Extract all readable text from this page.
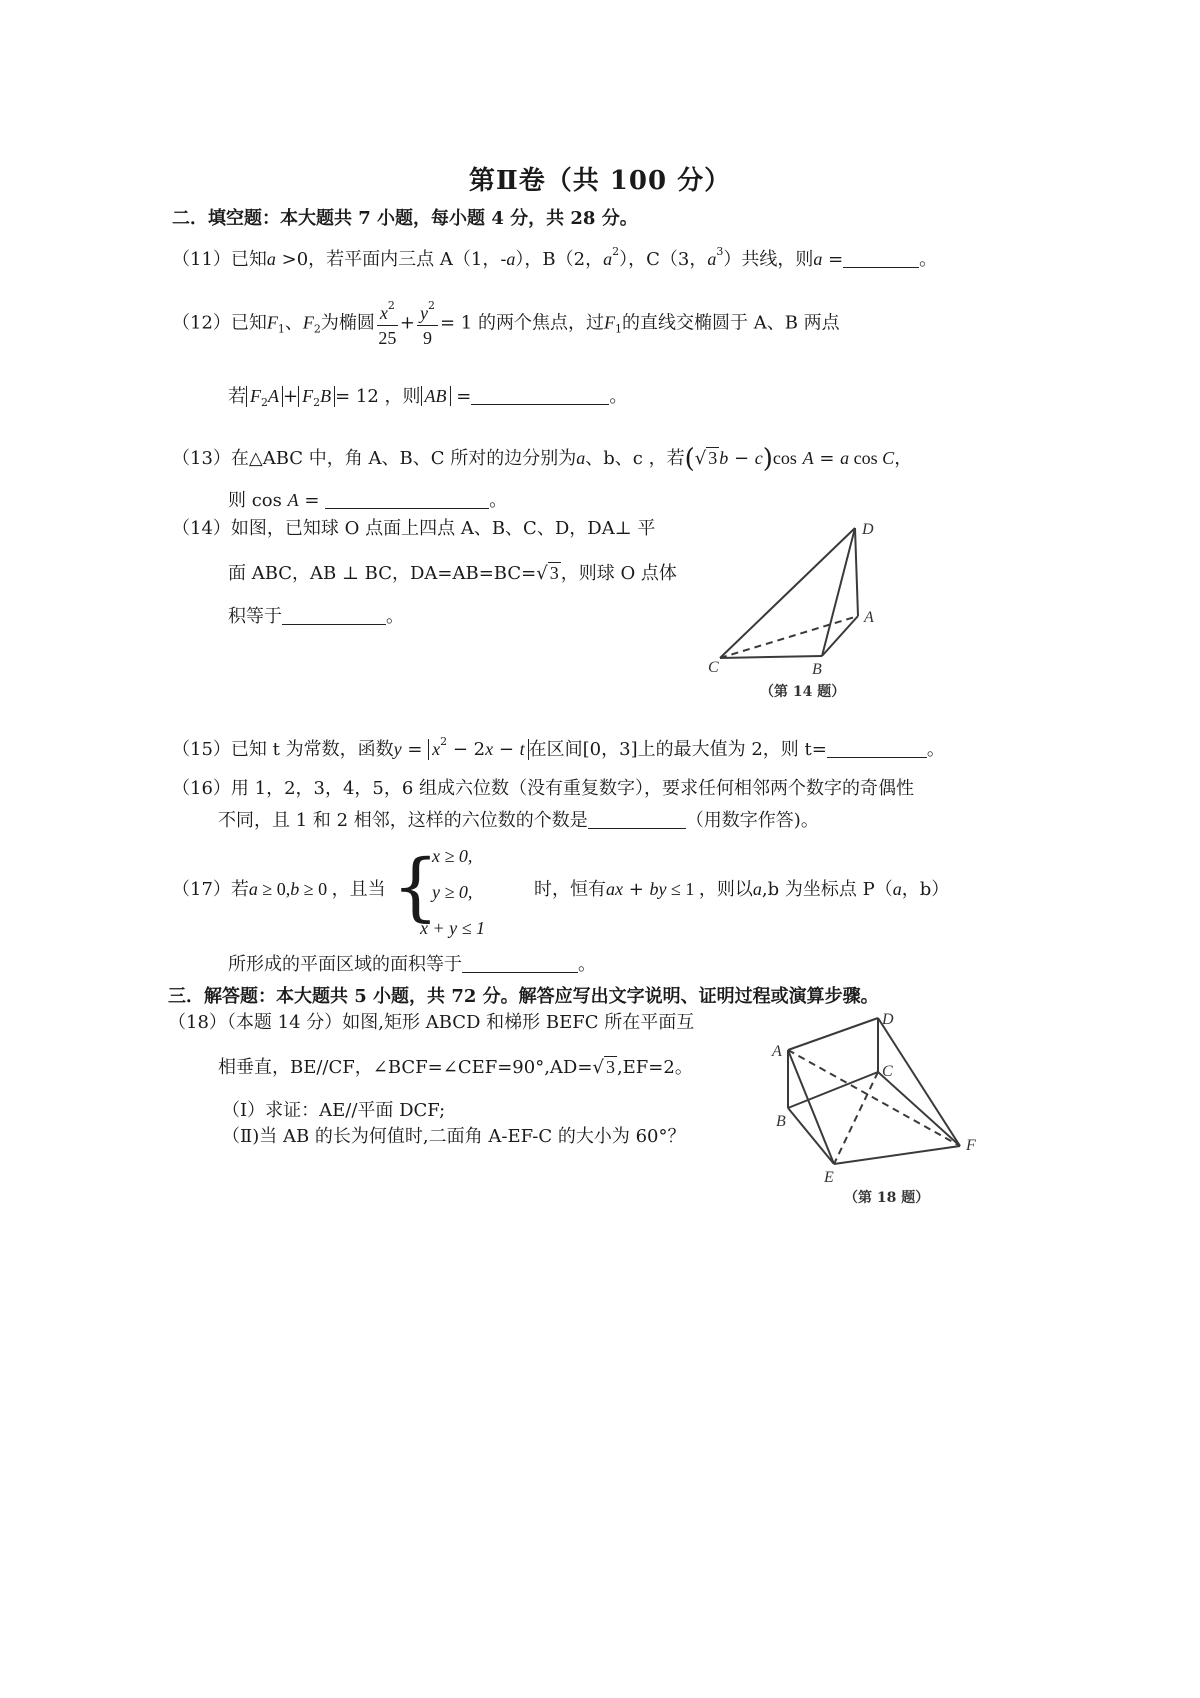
第Ⅱ卷（共 100 分）
二．填空题：本大题共 7 小题，每小题 4 分，共 28 分。
（11）已知a >0，若平面内三点 A（1，-a），B（2，$a^2$），C（3，$a^3$）共线，则a =	。
（12）已知$F_1$、$F_2$为椭圆 $\frac{x^2}{25} + \frac{y^2}{9} = 1$ 的两个焦点，过$F_1$的直线交椭圆于 A、B 两点
若 $F_2A + F_2B = 12$ ，则 AB =	。
（13）在△ABC 中，角 A、B、C 所对的边分别为a、b、c ，若(√ 3 b − c)cos A = a cos C，
则 cos A =	。
（14）如图，已知球 O 点面上四点 A、B、C、D，DA⊥ 平
面 ABC，AB ⊥ BC，DA=AB=BC=√ 3 ，则球 O 点体
积等于	。
D
A
C	B
（第 14 题）
（15）已知 t 为常数，函数$y = x^2 - 2x - t$ 在区间[0，3]上的最大值为 2，则 t=	。
（16）用 1，2，3，4，5，6 组成六位数（没有重复数字），要求任何相邻两个数字的奇偶性
不同，且 1 和 2 相邻，这样的六位数的个数是	（用数字作答)。
（17）若a ≥ 0,b ≥ 0 ，且当 {
x ≥ 0,
y ≥ 0,
x + y ≤ 1
时，恒有ax + by ≤ 1 ，则以a,b 为坐标点 P（a，b）
所形成的平面区域的面积等于	。
三．解答题：本大题共 5 小题，共 72 分。解答应写出文字说明、证明过程或演算步骤。
（18）（本题 14 分）如图,矩形 ABCD 和梯形 BEFC 所在平面互
相垂直，BE//CF，∠BCF=∠CEF=90°,AD=√ 3 ,EF=2。
（Ⅰ）求证：AE//平面 DCF;
（Ⅱ)当 AB 的长为何值时,二面角 A-EF-C 的大小为 60°？
D
A
C
B
F
E
（第 18 题）
